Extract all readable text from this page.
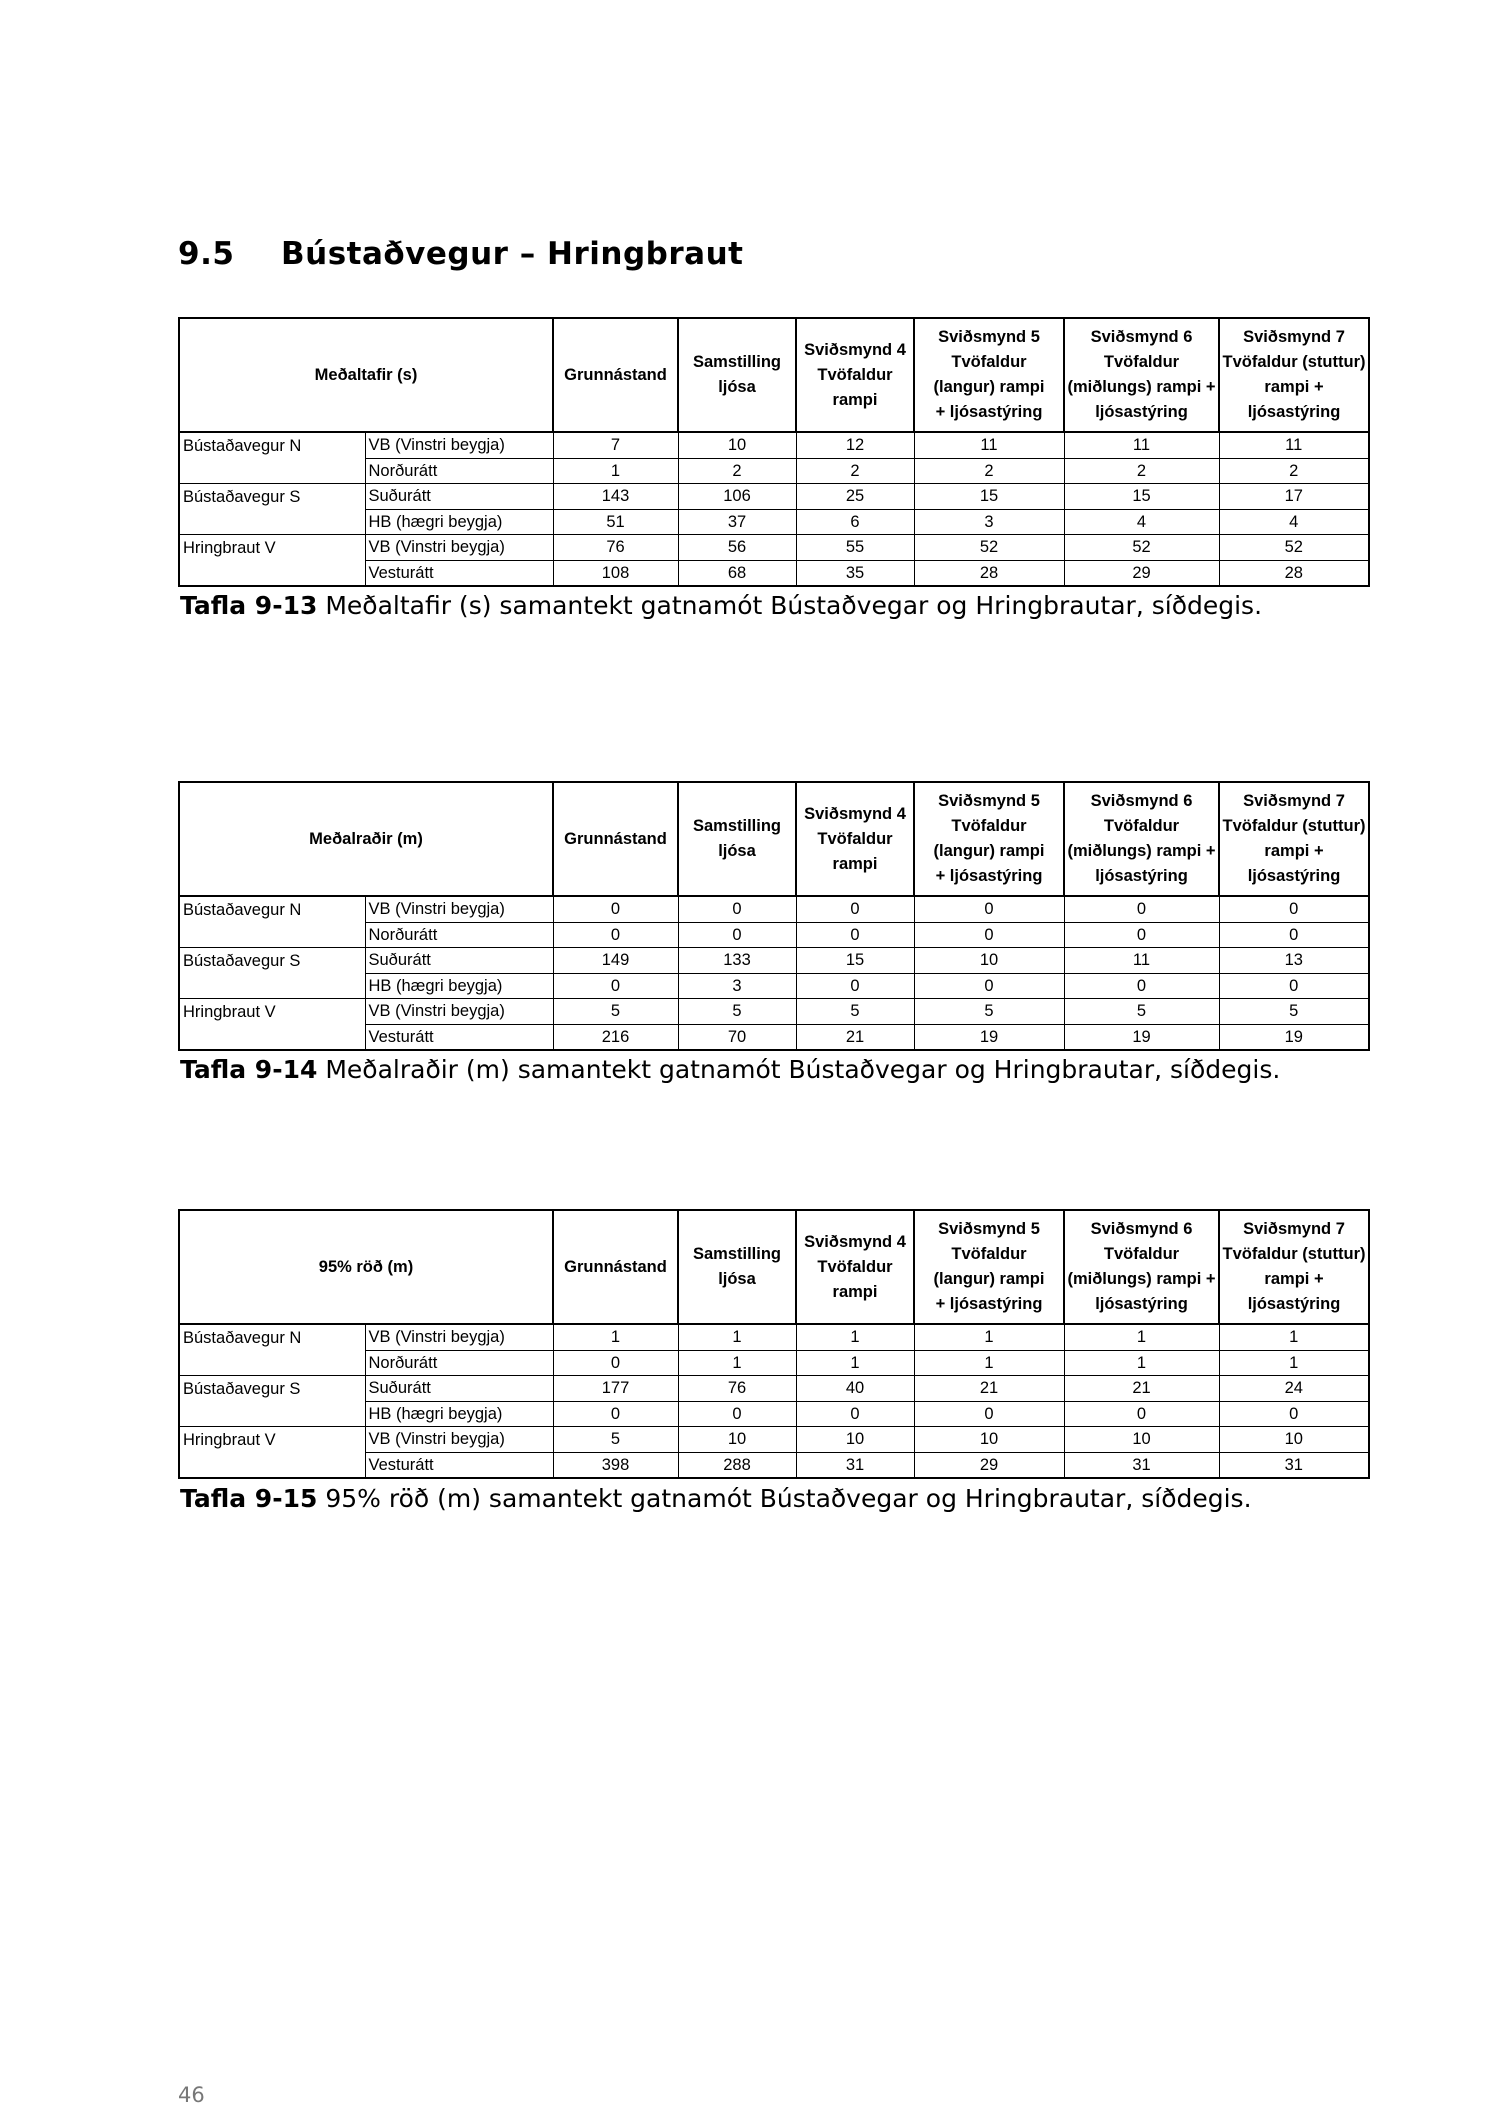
9.5 Bústaðvegur – Hringbraut
Meðaltafir (s)		Grunnástand	Samstilling
ljósa	Sviðsmynd 4
Tvöfaldur
rampi	Sviðsmynd 5
Tvöfaldur
(langur) rampi
+ ljósastýring	Sviðsmynd 6
Tvöfaldur
(miðlungs) rampi +
ljósastýring	Sviðsmynd 7
Tvöfaldur (stuttur)
rampi +
ljósastýring
Bústaðavegur N	VB (Vinstri beygja)	7	10	12	11	11	11
	Norðurátt	1	2	2	2	2	2
Bústaðavegur S	Suðurátt	143	106	25	15	15	17
	HB (hægri beygja)	51	37	6	3	4	4
Hringbraut V	VB (Vinstri beygja)	76	56	55	52	52	52
	Vesturátt	108	68	35	28	29	28
Tafla 9-13 Meðaltafir (s) samantekt gatnamót Bústaðvegar og Hringbrautar, síðdegis.
Meðalraðir (m)		Grunnástand	Samstilling
ljósa	Sviðsmynd 4
Tvöfaldur
rampi	Sviðsmynd 5
Tvöfaldur
(langur) rampi
+ ljósastýring	Sviðsmynd 6
Tvöfaldur
(miðlungs) rampi +
ljósastýring	Sviðsmynd 7
Tvöfaldur (stuttur)
rampi +
ljósastýring
Bústaðavegur N	VB (Vinstri beygja)	0	0	0	0	0	0
	Norðurátt	0	0	0	0	0	0
Bústaðavegur S	Suðurátt	149	133	15	10	11	13
	HB (hægri beygja)	0	3	0	0	0	0
Hringbraut V	VB (Vinstri beygja)	5	5	5	5	5	5
	Vesturátt	216	70	21	19	19	19
Tafla 9-14 Meðalraðir (m) samantekt gatnamót Bústaðvegar og Hringbrautar, síðdegis.
95% röð (m)		Grunnástand	Samstilling
ljósa	Sviðsmynd 4
Tvöfaldur
rampi	Sviðsmynd 5
Tvöfaldur
(langur) rampi
+ ljósastýring	Sviðsmynd 6
Tvöfaldur
(miðlungs) rampi +
ljósastýring	Sviðsmynd 7
Tvöfaldur (stuttur)
rampi +
ljósastýring
Bústaðavegur N	VB (Vinstri beygja)	1	1	1	1	1	1
	Norðurátt	0	1	1	1	1	1
Bústaðavegur S	Suðurátt	177	76	40	21	21	24
	HB (hægri beygja)	0	0	0	0	0	0
Hringbraut V	VB (Vinstri beygja)	5	10	10	10	10	10
	Vesturátt	398	288	31	29	31	31
Tafla 9-15 95% röð (m) samantekt gatnamót Bústaðvegar og Hringbrautar, síðdegis.
46
